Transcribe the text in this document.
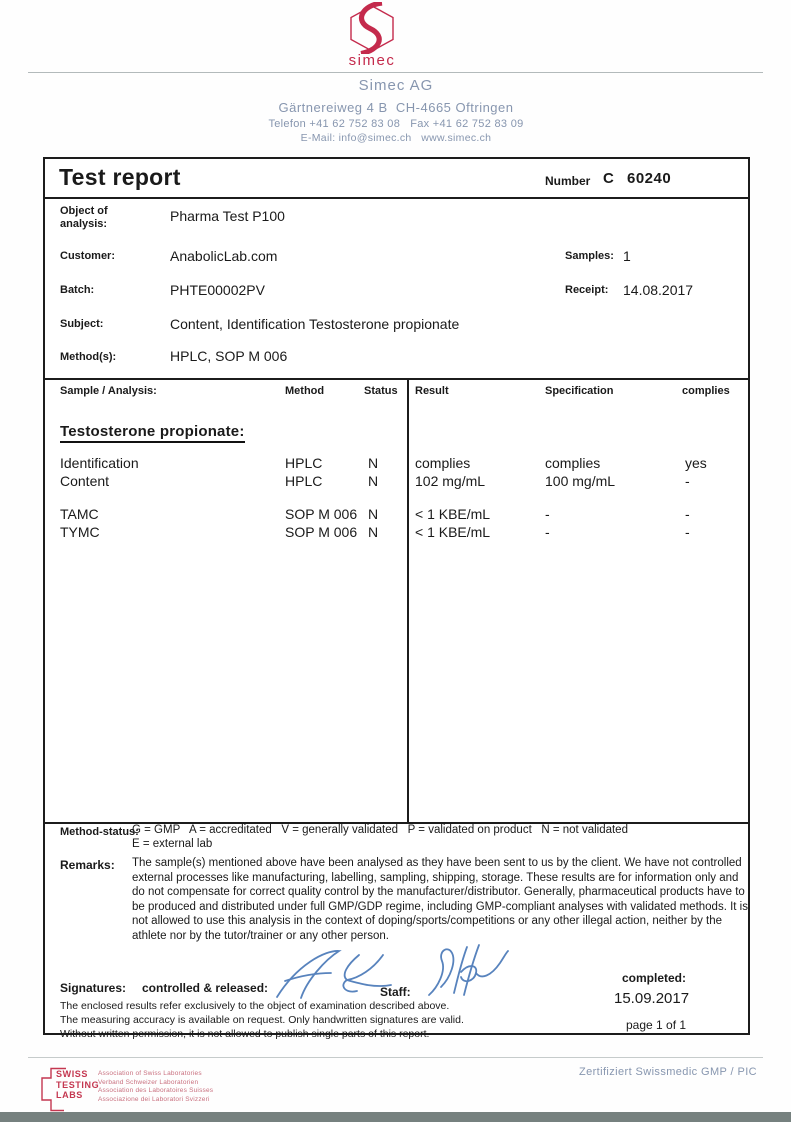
simec
Simec AG
Gärtnereiweg 4 B  CH-4665 Oftringen
Telefon +41 62 752 83 08   Fax +41 62 752 83 09
E-Mail: info@simec.ch   www.simec.ch
Test report	Number C 60240
Object of analysis:	Pharma Test P100
Customer:	AnabolicLab.com	Samples: 1
Batch:	PHTE00002PV	Receipt: 14.08.2017
Subject:	Content, Identification Testosterone propionate
Method(s):	HPLC, SOP M 006
Sample / Analysis:	Method	Status Result	Specification	complies
Testosterone propionate:
Identification	HPLC	N	complies	complies	yes
Content	HPLC	N	102 mg/mL	100 mg/mL	-
TAMC	SOP M 006 N	< 1 KBE/mL	-	-
TYMC	SOP M 006 N	< 1 KBE/mL	-	-
Method-status:
G = GMP   A = accreditated   V = generally validated   P = validated on product   N = not validated
E = external lab
Remarks: The sample(s) mentioned above have been analysed as they have been sent to us by the client. We have not controlled external processes like manufacturing, labelling, sampling, shipping, storage. These results are for information only and do not compensate for correct quality control by the manufacturer/distributor. Generally, pharmaceutical products have to be produced and distributed under full GMP/GDP regime, including GMP-compliant analyses with validated methods. It is not allowed to use this analysis in the context of doping/sports/competitions or any other illegal action, neither by the athlete nor by the tutor/trainer or any other person.
Signatures: controlled & released:	Staff:
completed:
15.09.2017
page 1 of 1
The enclosed results refer exclusively to the object of examination described above.
The measuring accuracy is available on request. Only handwritten signatures are valid.
Without written permission, it is not allowed to publish single parts of this report.
SWISS
TESTING
LABS
Association of Swiss Laboratories
Verband Schweizer Laboratorien
Association des Laboratoires Suisses
Associazione dei Laboratori Svizzeri
Zertifiziert Swissmedic GMP / PIC
